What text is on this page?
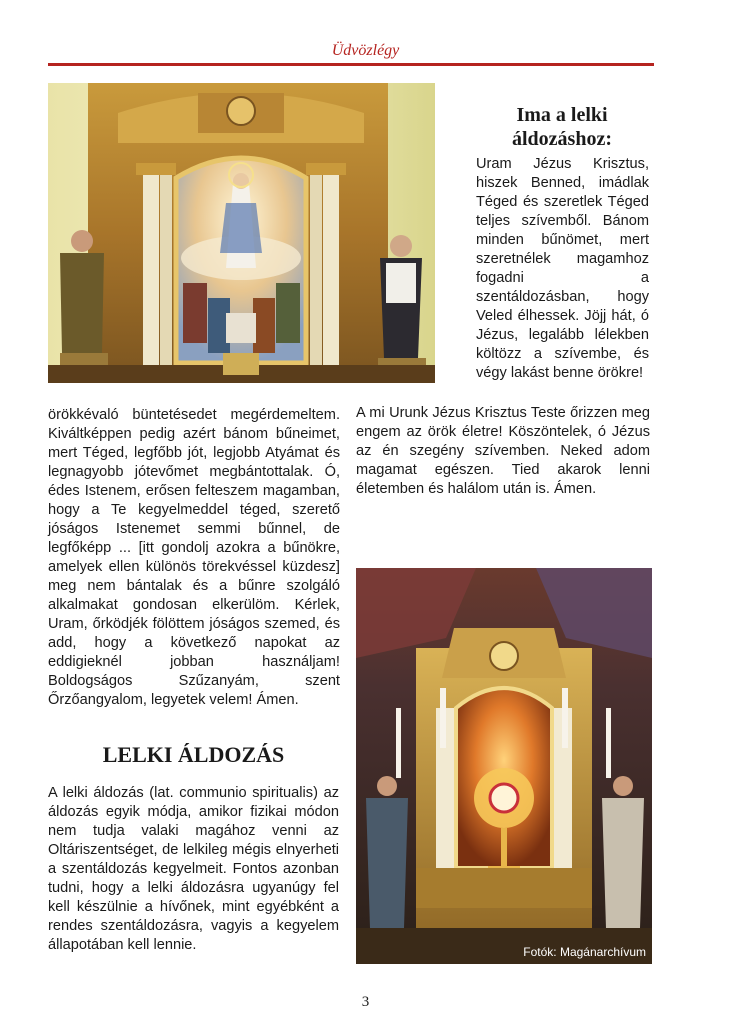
Üdvözlégy
Ima a lelki
áldozáshoz:

Uram Jézus Krisztus, hiszek Benned, imádlak Téged és szeretlek Téged teljes szívemből. Bánom minden bűnömet, mert szeretnélek magamhoz fogadni a szentáldozásban, hogy Veled élhessek. Jöjj hát, ó Jézus, legalább lélekben költözz a szívembe, és végy lakást benne örökre!

örökkévaló büntetésedet megérdemeltem. Kiváltképpen pedig azért bánom bűneimet, mert Téged, legfőbb jót, legjobb Atyámat és legnagyobb jótevőmet megbántottalak. Ó, édes Istenem, erősen felteszem magamban, hogy a Te kegyelmeddel téged, szerető jóságos Istenemet semmi bűnnel, de legfőképp ... [itt gondolj azokra a bűnökre, amelyek ellen különös törekvéssel küzdesz] meg nem bántalak és a bűnre szolgáló alkalmakat gondosan elkerülöm. Kérlek, Uram, őrködjék fölöttem jóságos szemed, és add, hogy a következő napokat az eddigieknél jobban használjam! Boldogságos Szűzanyám, szent Őrzőangyalom, legyetek velem! Ámen.

A mi Urunk Jézus Krisztus Teste őrizzen meg engem az örök életre! Köszöntelek, ó Jézus az én szegény szívemben. Neked adom magamat egészen. Tied akarok lenni életemben és halálom után is. Ámen.

LELKI ÁLDOZÁS

A lelki áldozás (lat. communio spiritualis) az áldozás egyik módja, amikor fizikai módon nem tudja valaki magához venni az Oltáriszentséget, de lelkileg mégis elnyerheti a szentáldozás kegyelmeit. Fontos azonban tudni, hogy a lelki áldozásra ugyanúgy fel kell készülnie a hívőnek, mint egyébként a rendes szentáldozásra, vagyis a kegyelem állapotában kell lennie.	Fotók: Magánarchívum
3
